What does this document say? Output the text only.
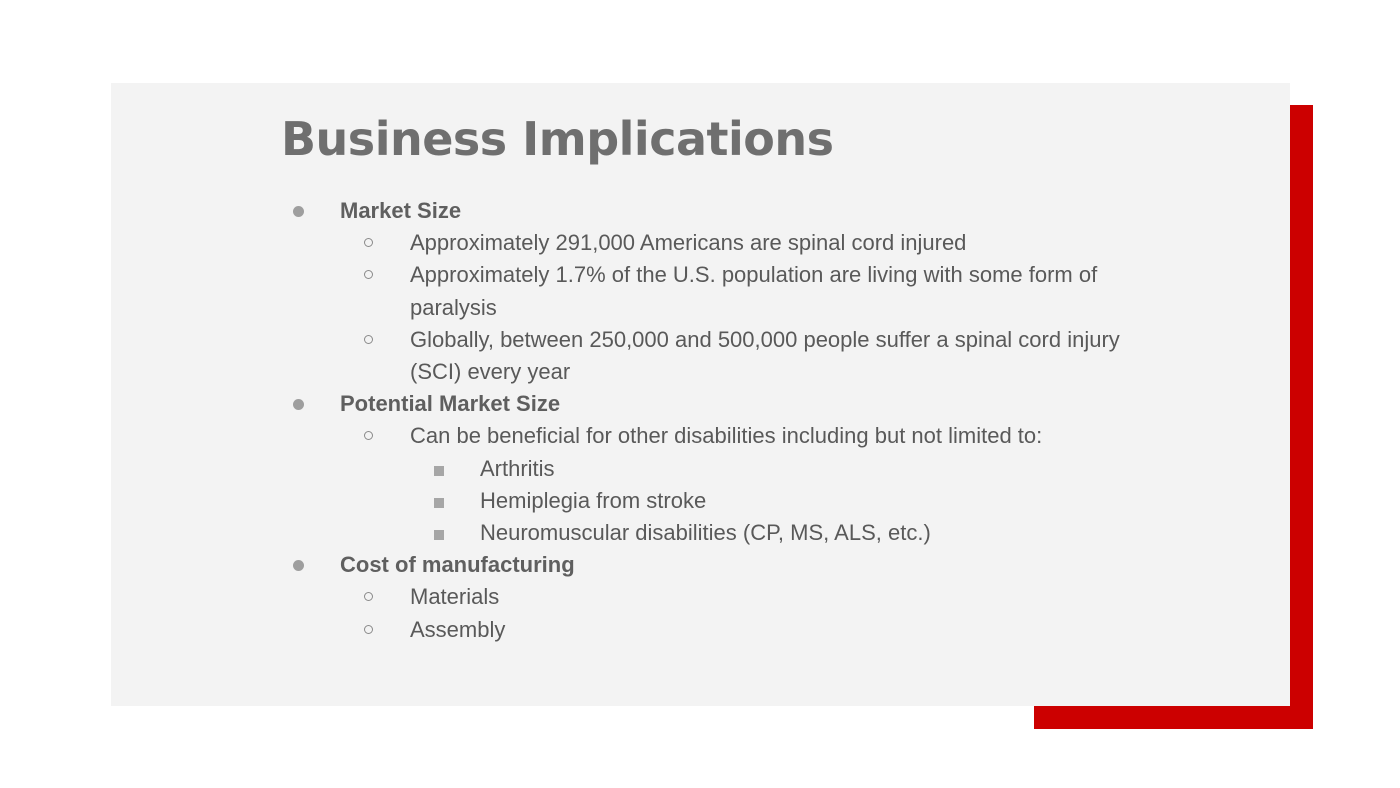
Business Implications
Market Size
Approximately 291,000 Americans are spinal cord injured
Approximately 1.7% of the U.S. population are living with some form of paralysis
Globally, between 250,000 and 500,000 people suffer a spinal cord injury (SCI) every year
Potential Market Size
Can be beneficial for other disabilities including but not limited to:
Arthritis
Hemiplegia from stroke
Neuromuscular disabilities (CP, MS, ALS, etc.)
Cost of manufacturing
Materials
Assembly
